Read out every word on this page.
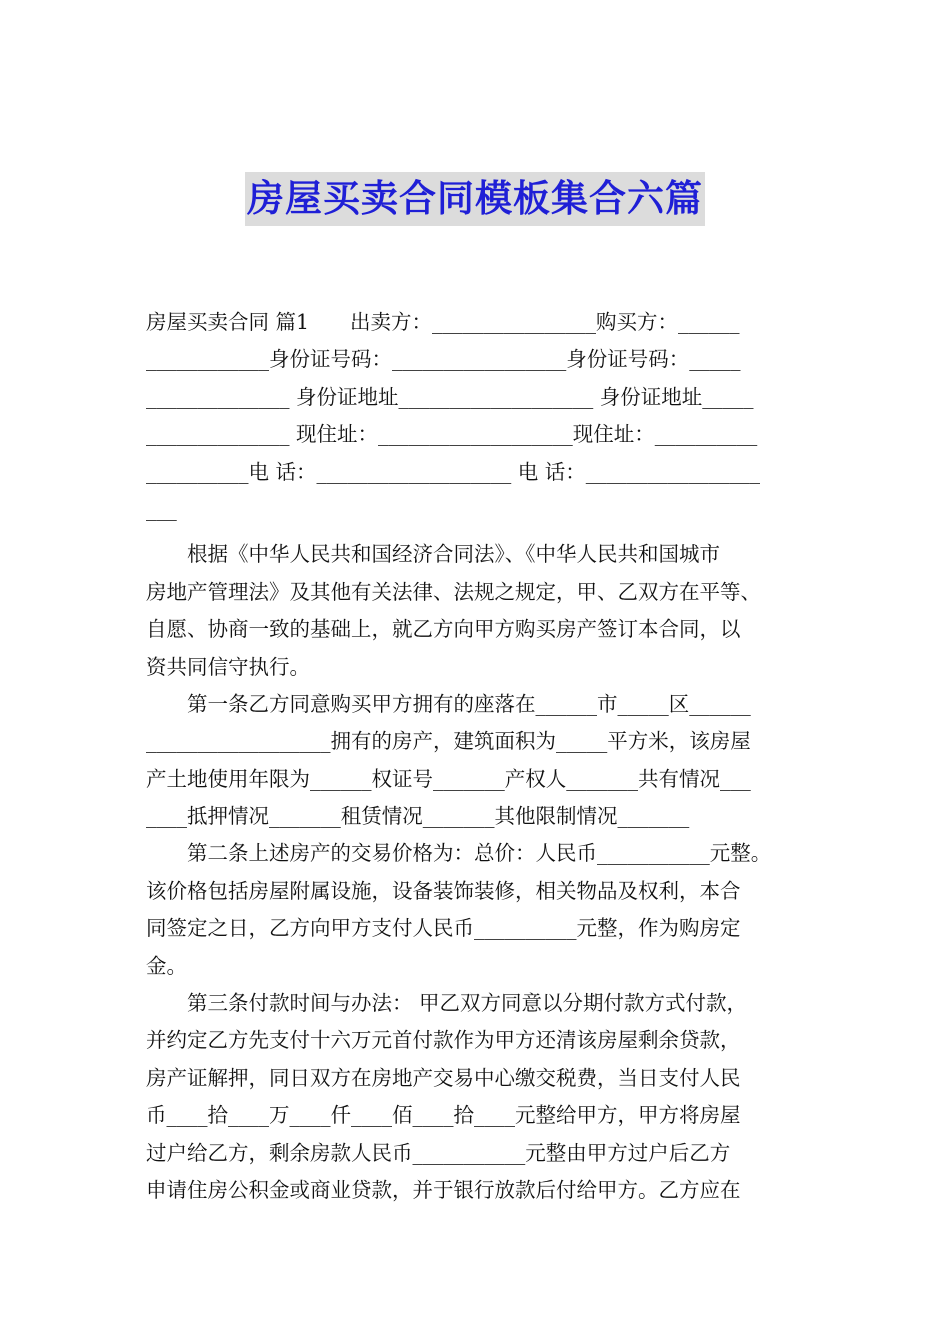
房屋买卖合同模板集合六篇
房屋买卖合同 篇1　　出卖方：________________购买方：______
____________身份证号码：_________________身份证号码：_____
______________ 身份证地址___________________ 身份证地址_____
______________ 现住址：___________________现住址：__________
__________电 话：___________________ 电 话：_________________
___
　　根据《中华人民共和国经济合同法》、《中华人民共和国城市
房地产管理法》及其他有关法律、法规之规定，甲、乙双方在平等、
自愿、协商一致的基础上，就乙方向甲方购买房产签订本合同，以
资共同信守执行。
　　第一条乙方同意购买甲方拥有的座落在______市_____区______
__________________拥有的房产，建筑面积为_____平方米，该房屋
产土地使用年限为______权证号_______产权人_______共有情况___
____抵押情况_______租赁情况_______其他限制情况_______
　　第二条上述房产的交易价格为：总价：人民币___________元整。
该价格包括房屋附属设施，设备装饰装修，相关物品及权利，本合
同签定之日，乙方向甲方支付人民币__________元整，作为购房定
金。
　　第三条付款时间与办法： 甲乙双方同意以分期付款方式付款，
并约定乙方先支付十六万元首付款作为甲方还清该房屋剩余贷款，
房产证解押，同日双方在房地产交易中心缴交税费，当日支付人民
币____拾____万____仟____佰____拾____元整给甲方，甲方将房屋
过户给乙方，剩余房款人民币___________元整由甲方过户后乙方
申请住房公积金或商业贷款，并于银行放款后付给甲方。乙方应在
